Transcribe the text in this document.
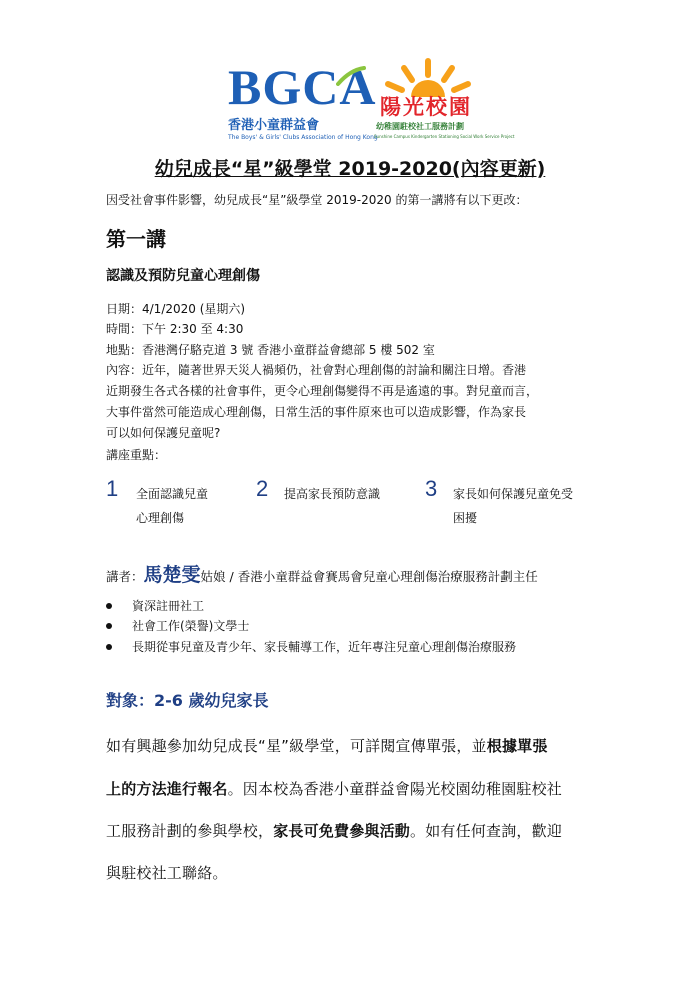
BGCA
香港小童群益會
The Boys' & Girls' Clubs Association of Hong Kong
陽光校園
幼稚園駐校社工服務計劃
Sunshine Campus Kindergarten Stationing Social Work Service Project
幼兒成長“星”級學堂 2019-2020(內容更新)
因受社會事件影響，幼兒成長“星”級學堂 2019-2020 的第一講將有以下更改：
第一講
認識及預防兒童心理創傷
日期：4/1/2020 (星期六)
時間：下午 2:30 至 4:30
地點：香港灣仔駱克道 3 號 香港小童群益會總部 5 樓 502 室
內容：近年，隨著世界天災人禍頻仍，社會對心理創傷的討論和關注日增。香港
近期發生各式各樣的社會事件，更令心理創傷變得不再是遙遠的事。對兒童而言，
大事件當然可能造成心理創傷，日常生活的事件原來也可以造成影響，作為家長
可以如何保護兒童呢?
講座重點：
1 全面認識兒童
心理創傷
2 提高家長預防意識 3 家長如何保護兒童免受
困擾
講者：馬楚雯姑娘 / 香港小童群益會賽馬會兒童心理創傷治療服務計劃主任
資深註冊社工
社會工作(榮譽)文學士
長期從事兒童及青少年、家長輔導工作，近年專注兒童心理創傷治療服務
對象：2-6 歲幼兒家長
如有興趣參加幼兒成長“星”級學堂，可詳閱宣傳單張，並根據單張
上的方法進行報名。因本校為香港小童群益會陽光校園幼稚園駐校社
工服務計劃的參與學校，家長可免費參與活動。如有任何查詢，歡迎
與駐校社工聯絡。
